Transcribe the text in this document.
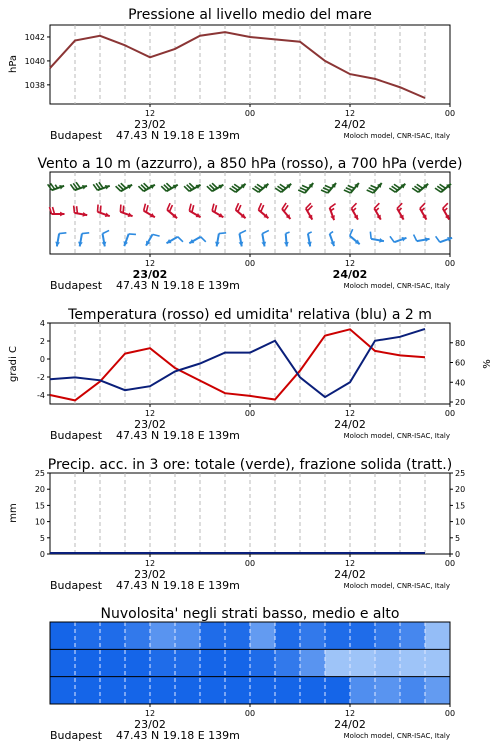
Pressione al livello medio del mare
Vento a 10 m (azzurro), a 850 hPa (rosso), a 700 hPa (verde)
Temperatura (rosso) ed umidita' relativa (blu) a 2 m
Precip. acc. in 3 ore: totale (verde), frazione solida (tratt.)
Nuvolosita' negli strati basso, medio e alto
hPa
gradi C	%
mm
1038
1040
1042
12	00	12	00
23/02	24/02
Budapest 47.43 N 19.18 E 139m	Moloch model, CNR-ISAC, Italy
12	00	12	00
23/02	24/02
Budapest 47.43 N 19.18 E 139m	Moloch model, CNR-ISAC, Italy
-4
-2
0
2
4
20
40
60
80
12	00	12	00
23/02	24/02
Budapest 47.43 N 19.18 E 139m	Moloch model, CNR-ISAC, Italy
0	0
5	5
10	10
15	15
20	20
25	25
12	00	12	00
23/02	24/02
Budapest 47.43 N 19.18 E 139m	Moloch model, CNR-ISAC, Italy
12	00	12	00
23/02	24/02
Budapest 47.43 N 19.18 E 139m	Moloch model, CNR-ISAC, Italy
